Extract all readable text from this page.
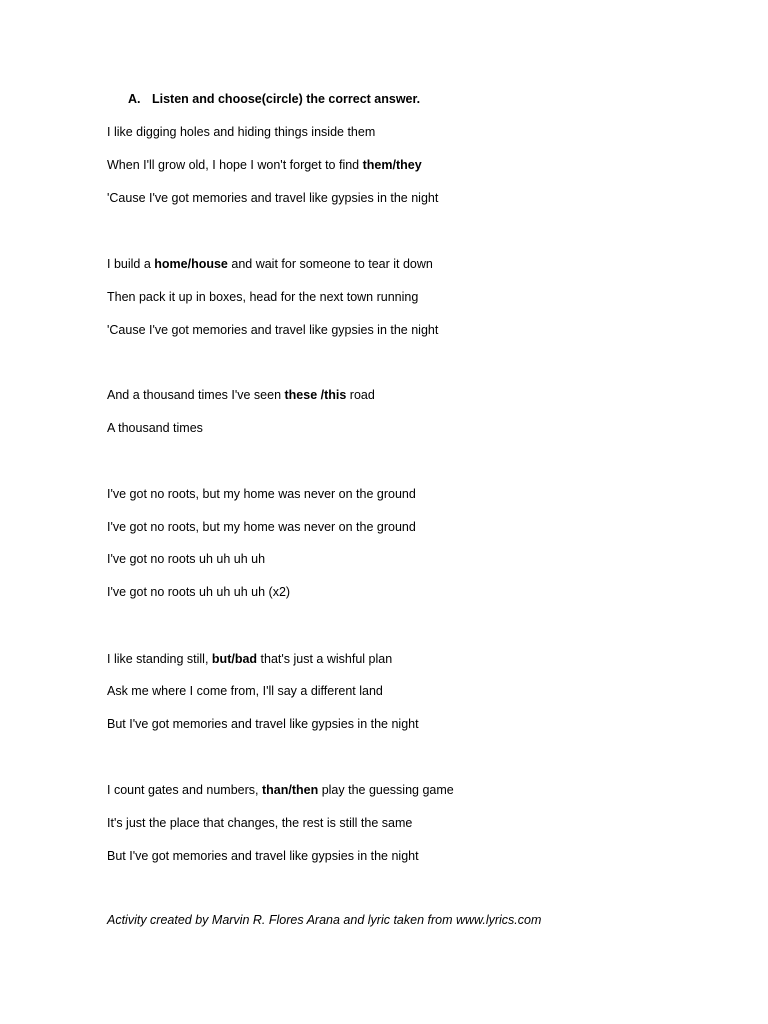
A. Listen and choose(circle) the correct answer.
I like digging holes and hiding things inside them
When I'll grow old, I hope I won't forget to find them/they
'Cause I've got memories and travel like gypsies in the night
I build a home/house and wait for someone to tear it down
Then pack it up in boxes, head for the next town running
'Cause I've got memories and travel like gypsies in the night
And a thousand times I've seen these /this road
A thousand times
I've got no roots, but my home was never on the ground
I've got no roots, but my home was never on the ground
I've got no roots uh uh uh uh
I've got no roots uh uh uh uh (x2)
I like standing still, but/bad that's just a wishful plan
Ask me where I come from, I'll say a different land
But I've got memories and travel like gypsies in the night
I count gates and numbers, than/then play the guessing game
It's just the place that changes, the rest is still the same
But I've got memories and travel like gypsies in the night
Activity created by Marvin R. Flores Arana and lyric taken from www.lyrics.com
